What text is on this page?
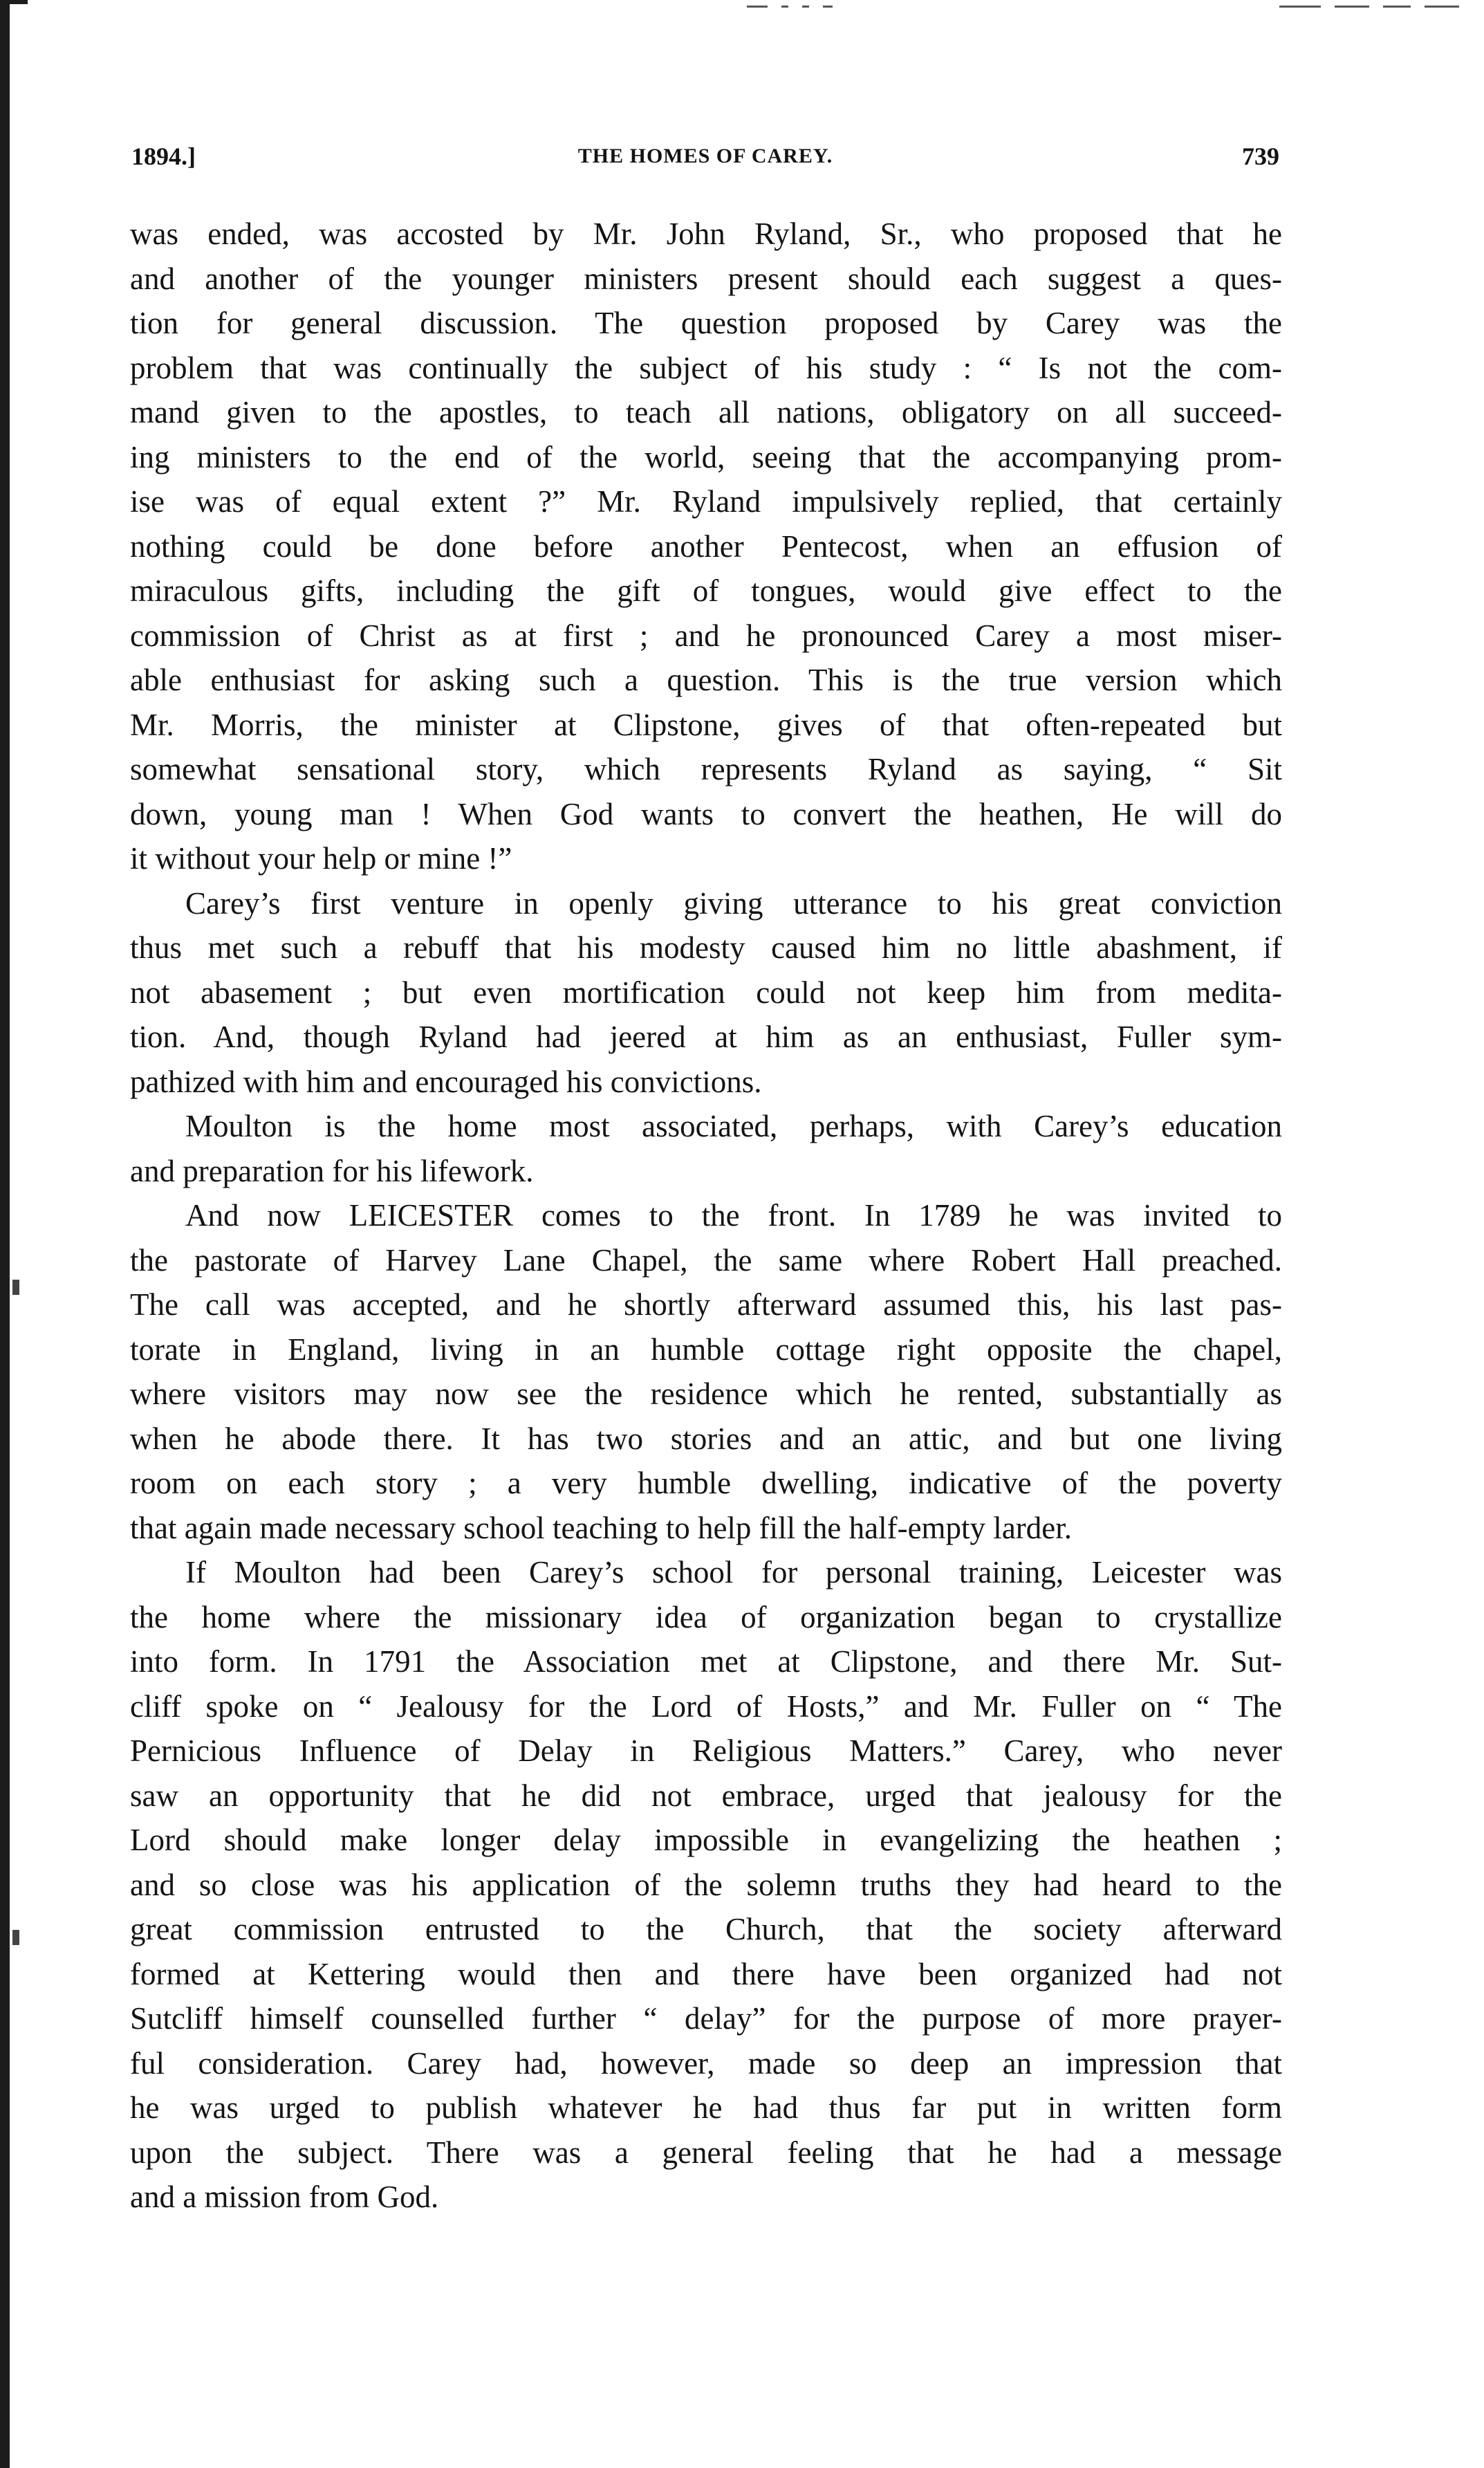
1894.]	THE HOMES OF CAREY.	739
was ended, was accosted by Mr. John Ryland, Sr., who proposed that he
and another of the younger ministers present should each suggest a ques-
tion for general discussion. The question proposed by Carey was the
problem that was continually the subject of his study : “ Is not the com-
mand given to the apostles, to teach all nations, obligatory on all succeed-
ing ministers to the end of the world, seeing that the accompanying prom-
ise was of equal extent ?” Mr. Ryland impulsively replied, that certainly
nothing could be done before another Pentecost, when an effusion of
miraculous gifts, including the gift of tongues, would give effect to the
commission of Christ as at first ; and he pronounced Carey a most miser-
able enthusiast for asking such a question. This is the true version which
Mr. Morris, the minister at Clipstone, gives of that often-repeated but
somewhat sensational story, which represents Ryland as saying, “ Sit
down, young man ! When God wants to convert the heathen, He will do
it without your help or mine !”
Carey’s first venture in openly giving utterance to his great conviction
thus met such a rebuff that his modesty caused him no little abashment, if
not abasement ; but even mortification could not keep him from medita-
tion. And, though Ryland had jeered at him as an enthusiast, Fuller sym-
pathized with him and encouraged his convictions.
Moulton is the home most associated, perhaps, with Carey’s education
and preparation for his lifework.
And now LEICESTER comes to the front. In 1789 he was invited to
the pastorate of Harvey Lane Chapel, the same where Robert Hall preached.
The call was accepted, and he shortly afterward assumed this, his last pas-
torate in England, living in an humble cottage right opposite the chapel,
where visitors may now see the residence which he rented, substantially as
when he abode there. It has two stories and an attic, and but one living
room on each story ; a very humble dwelling, indicative of the poverty
that again made necessary school teaching to help fill the half-empty larder.
If Moulton had been Carey’s school for personal training, Leicester was
the home where the missionary idea of organization began to crystallize
into form. In 1791 the Association met at Clipstone, and there Mr. Sut-
cliff spoke on “ Jealousy for the Lord of Hosts,” and Mr. Fuller on “ The
Pernicious Influence of Delay in Religious Matters.” Carey, who never
saw an opportunity that he did not embrace, urged that jealousy for the
Lord should make longer delay impossible in evangelizing the heathen ;
and so close was his application of the solemn truths they had heard to the
great commission entrusted to the Church, that the society afterward
formed at Kettering would then and there have been organized had not
Sutcliff himself counselled further “ delay” for the purpose of more prayer-
ful consideration. Carey had, however, made so deep an impression that
he was urged to publish whatever he had thus far put in written form
upon the subject. There was a general feeling that he had a message
and a mission from God.
